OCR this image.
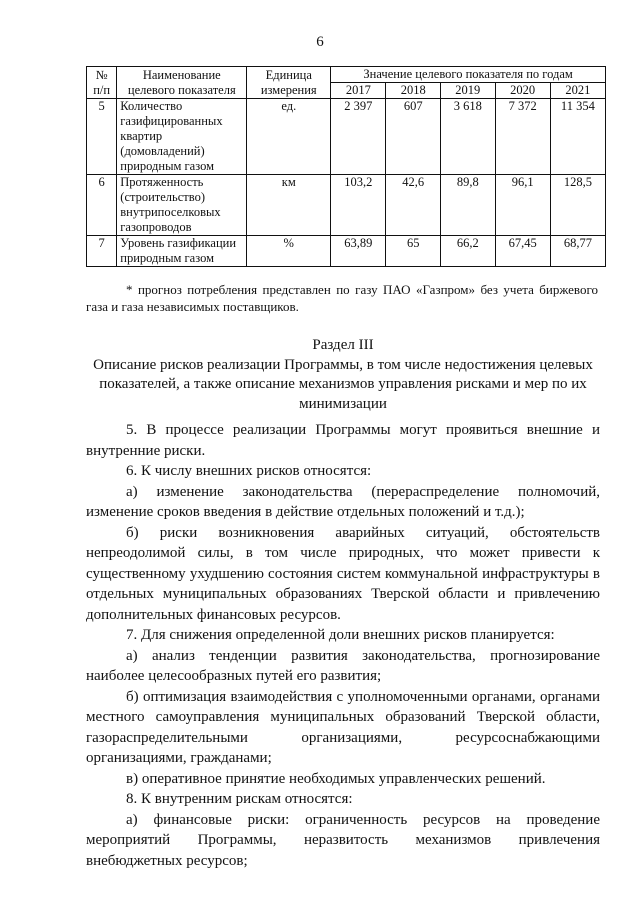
6
№ п/п	Наименование целевого показателя	Единица измерения	Значение целевого показателя по годам				
			2017	2018	2019	2020	2021
5	Количество газифицированных квартир (домовладений) природным газом	ед.	2 397	607	3 618	7 372	11 354
6	Протяженность (строительство) внутрипоселковых газопроводов	км	103,2	42,6	89,8	96,1	128,5
7	Уровень газификации природным газом	%	63,89	65	66,2	67,45	68,77
* прогноз потребления представлен по газу ПАО «Газпром» без учета биржевого газа и газа независимых поставщиков.
Раздел III
Описание рисков реализации Программы, в том числе недостижения целевых показателей, а также описание механизмов управления рисками и мер по их минимизации

5. В процессе реализации Программы могут проявиться внешние и внутренние риски.

6. К числу внешних рисков относятся:

а) изменение законодательства (перераспределение полномочий, изменение сроков введения в действие отдельных положений и т.д.);

б) риски возникновения аварийных ситуаций, обстоятельств непреодолимой силы, в том числе природных, что может привести к существенному ухудшению состояния систем коммунальной инфраструктуры в отдельных муниципальных образованиях Тверской области и привлечению дополнительных финансовых ресурсов.

7. Для снижения определенной доли внешних рисков планируется:

а) анализ тенденции развития законодательства, прогнозирование наиболее целесообразных путей его развития;

б) оптимизация взаимодействия с уполномоченными органами, органами местного самоуправления муниципальных образований Тверской области, газораспределительными организациями, ресурсоснабжающими организациями, гражданами;

в) оперативное принятие необходимых управленческих решений.

8. К внутренним рискам относятся:

а) финансовые риски: ограниченность ресурсов на проведение мероприятий Программы, неразвитость механизмов привлечения внебюджетных ресурсов;
